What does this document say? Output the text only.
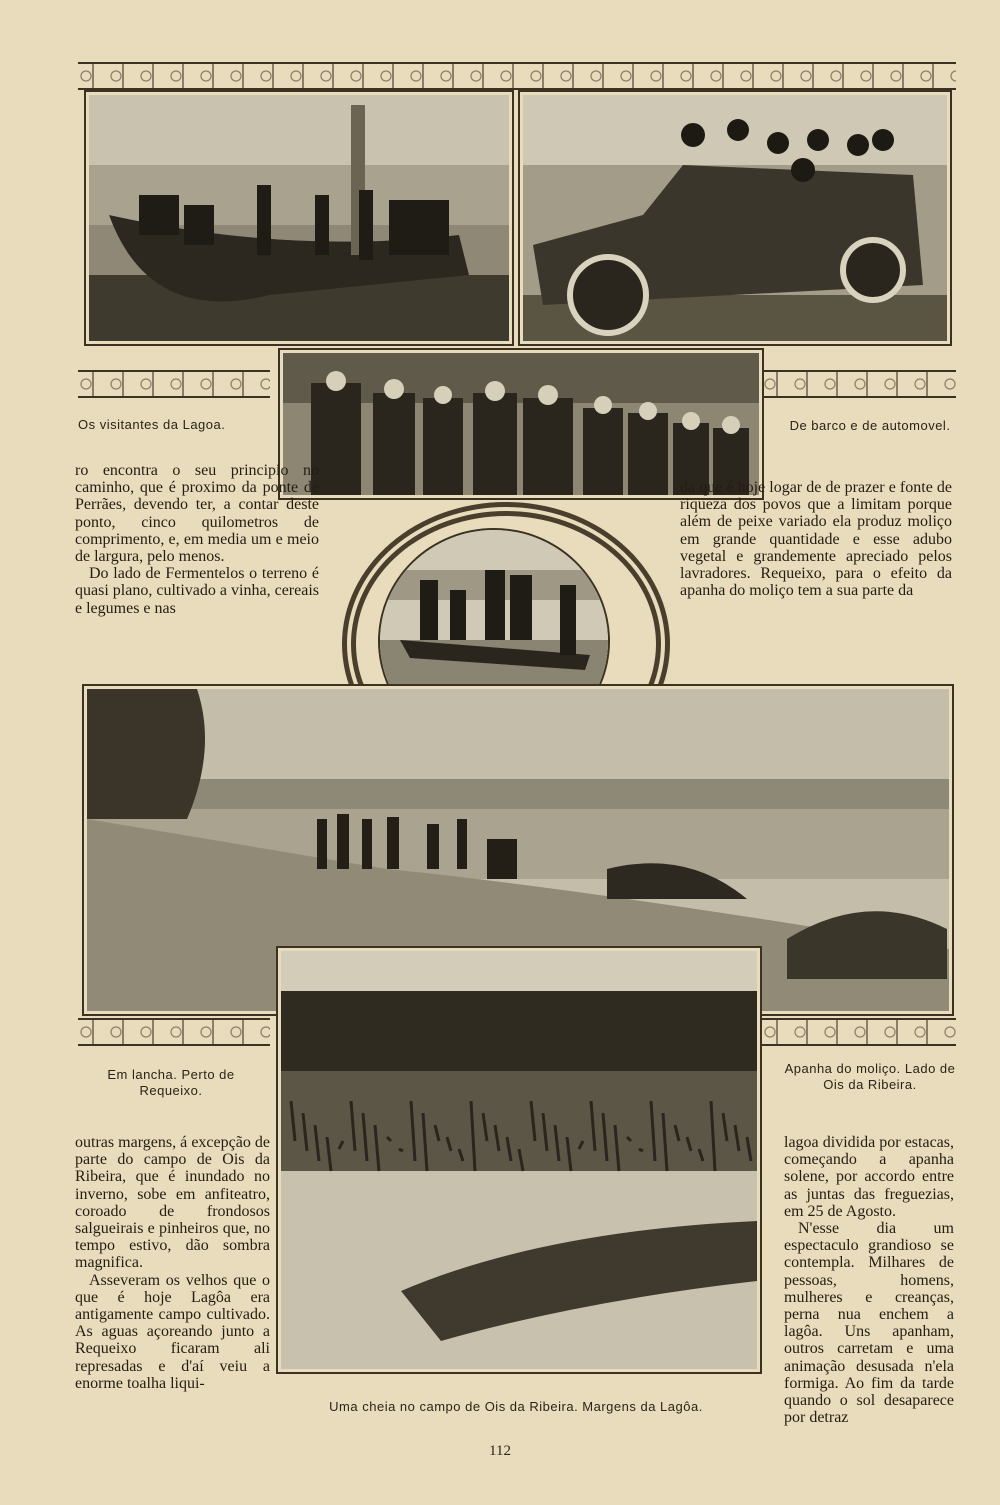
Os visitantes da Lagoa.	De barco e de automovel.
Em lancha. Perto de Requeixo.
Apanha do moliço. Lado de Ois da Ribeira.
Uma cheia no campo de Ois da Ribeira. Margens da Lagôa.

ro encontra o seu principio no caminho, que é proximo da ponte de Perrães, devendo ter, a contar deste ponto, cinco quilometros de comprimento, e, em media um e meio de largura, pelo menos.

Do lado de Fermentelos o terreno é quasi plano, cultivado a vinha, cereais e legumes e nas

da que é hoje logar de de prazer e fonte de riqueza dos povos que a limitam porque além de peixe variado ela produz moliço em grande quantidade e esse adubo vegetal e grandemente apreciado pelos lavradores. Requeixo, para o efeito da apanha do moliço tem a sua parte da

outras margens, á excepção de parte do campo de Ois da Ribeira, que é inundado no inverno, sobe em anfiteatro, coroado de frondosos salgueirais e pinheiros que, no tempo estivo, dão sombra magnifica.

Asseveram os velhos que o que é hoje Lagôa era antigamente campo cultivado. As aguas açoreando junto a Requeixo ficaram ali represadas e d'aí veiu a enorme toalha liqui-

lagoa dividida por estacas, começando a apanha solene, por accordo entre as juntas das freguezias, em 25 de Agosto.

N'esse dia um espectaculo grandioso se contempla. Milhares de pessoas, homens, mulheres e creanças, perna nua enchem a lagôa. Uns apanham, outros carretam e uma animação desusada n'ela formiga. Ao fim da tarde quando o sol desaparece por detraz

112
